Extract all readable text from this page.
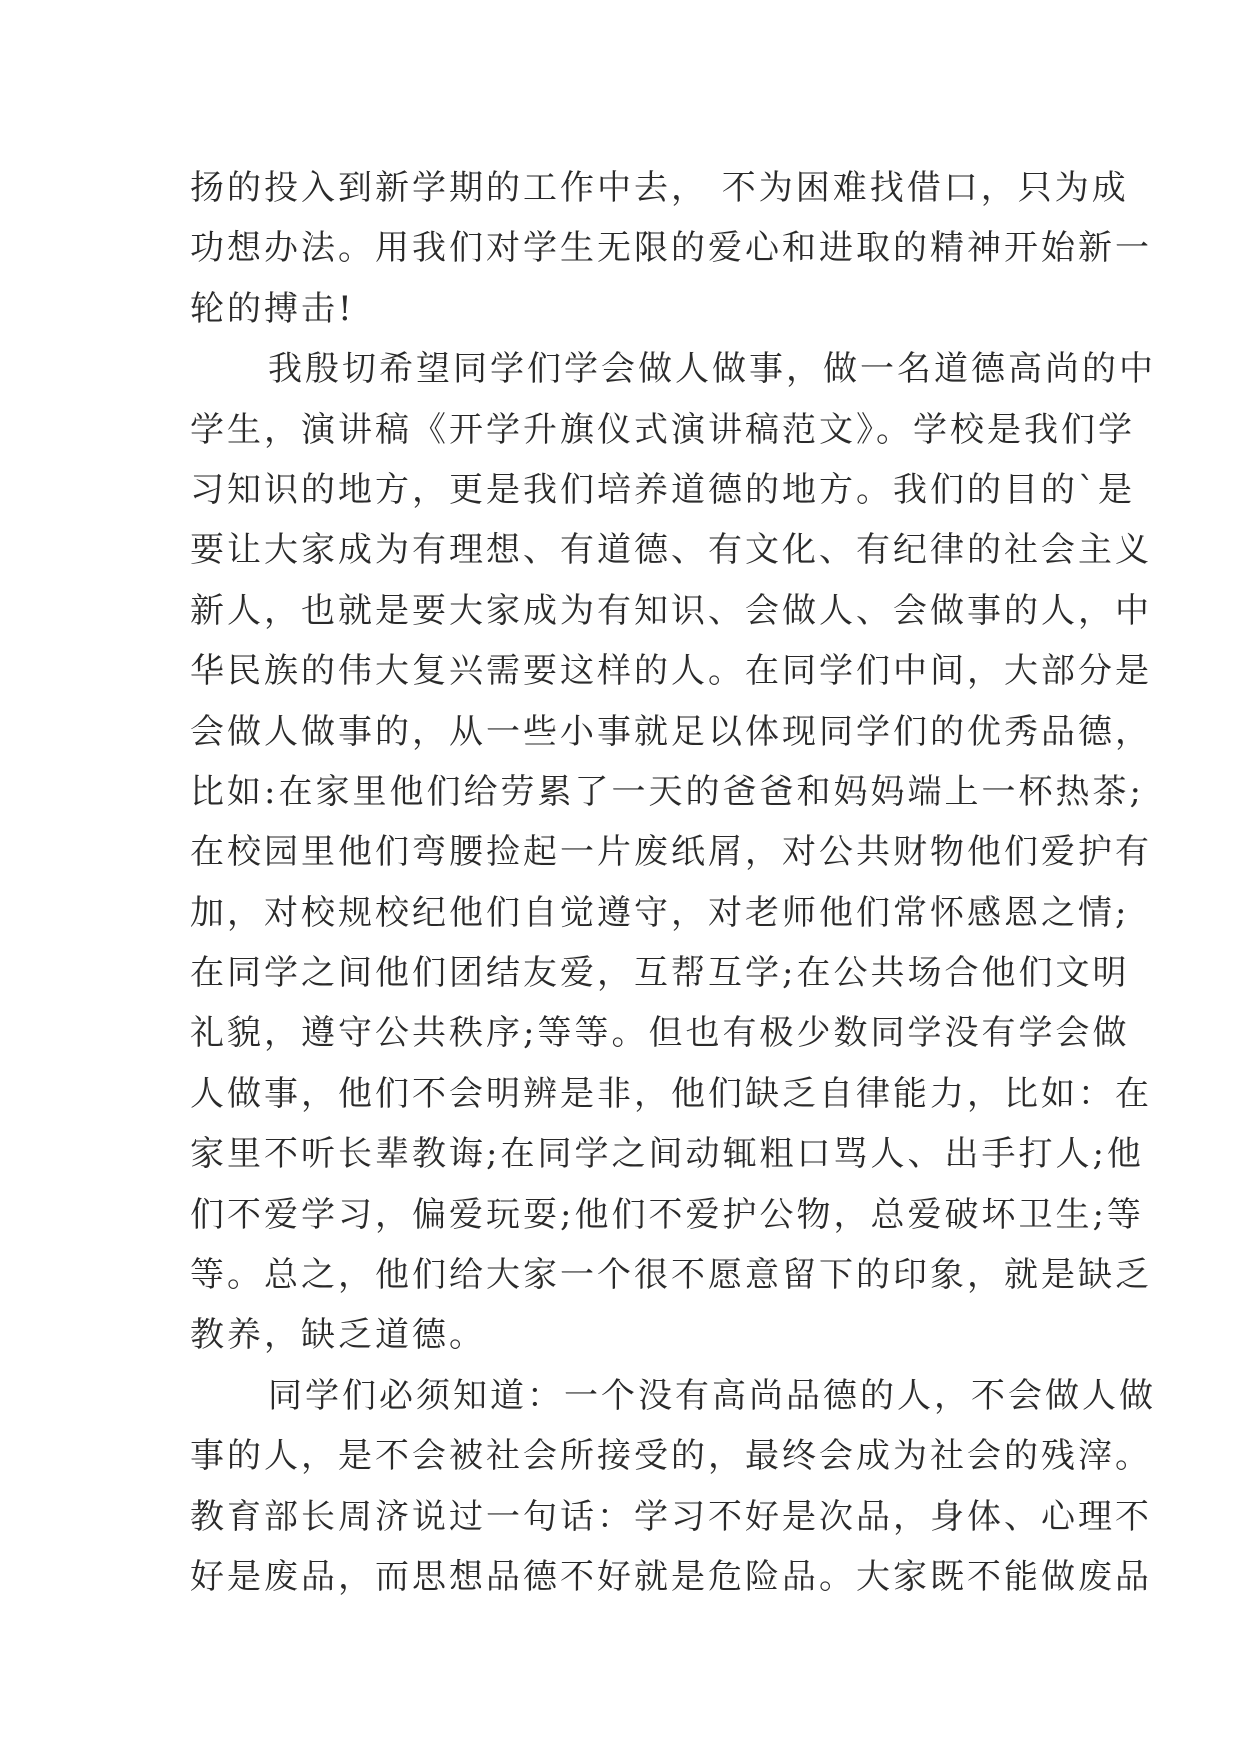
扬的投入到新学期的工作中去， 不为困难找借口，只为成
功想办法。用我们对学生无限的爱心和进取的精神开始新一
轮的搏击!
我殷切希望同学们学会做人做事，做一名道德高尚的中
学生，演讲稿《开学升旗仪式演讲稿范文》。学校是我们学
习知识的地方，更是我们培养道德的地方。我们的目的`是
要让大家成为有理想、有道德、有文化、有纪律的社会主义
新人，也就是要大家成为有知识、会做人、会做事的人，中
华民族的伟大复兴需要这样的人。在同学们中间，大部分是
会做人做事的，从一些小事就足以体现同学们的优秀品德，
比如:在家里他们给劳累了一天的爸爸和妈妈端上一杯热茶;
在校园里他们弯腰捡起一片废纸屑，对公共财物他们爱护有
加，对校规校纪他们自觉遵守，对老师他们常怀感恩之情;
在同学之间他们团结友爱，互帮互学;在公共场合他们文明
礼貌，遵守公共秩序;等等。但也有极少数同学没有学会做
人做事，他们不会明辨是非，他们缺乏自律能力，比如：在
家里不听长辈教诲;在同学之间动辄粗口骂人、出手打人;他
们不爱学习，偏爱玩耍;他们不爱护公物，总爱破坏卫生;等
等。总之，他们给大家一个很不愿意留下的印象，就是缺乏
教养，缺乏道德。
同学们必须知道：一个没有高尚品德的人，不会做人做
事的人，是不会被社会所接受的，最终会成为社会的残滓。
教育部长周济说过一句话：学习不好是次品，身体、心理不
好是废品，而思想品德不好就是危险品。大家既不能做废品
